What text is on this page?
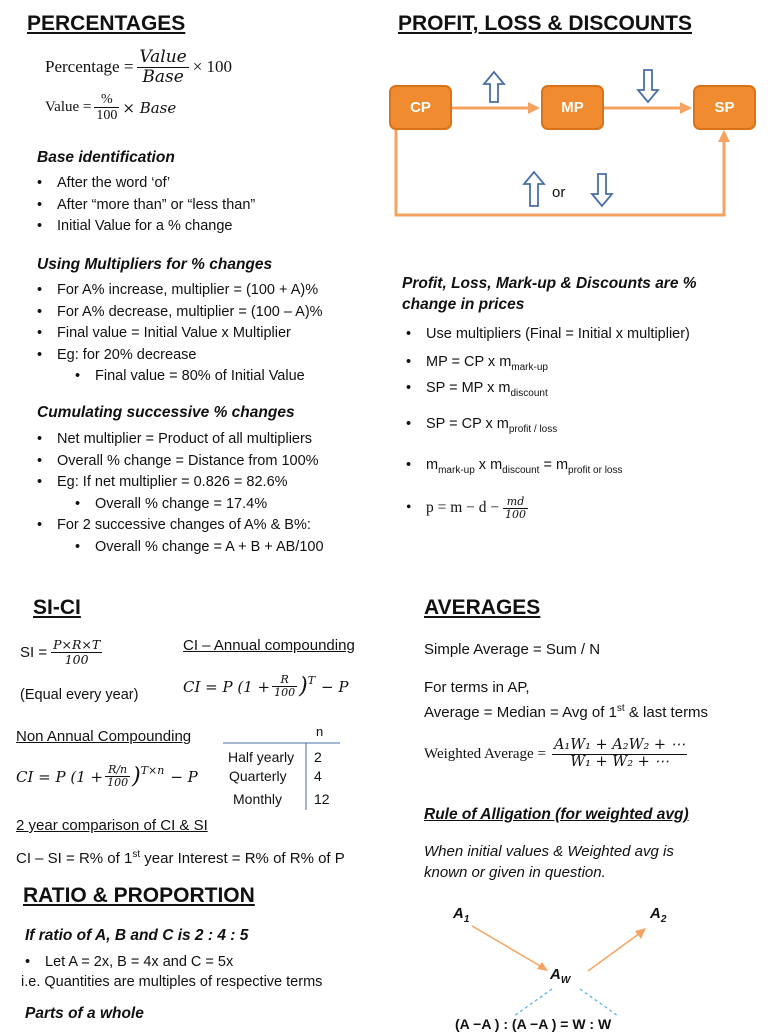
PERCENTAGES
Percentage = $\frac{\text{Value}}{\text{Base}} \times 100$
Value = $\frac{\%}{100}$ × Base
Base identification
• After the word ‘of’
• After “more than” or “less than”
• Initial Value for a % change
Using Multipliers for % changes
• For A% increase, multiplier = (100 + A)%
• For A% decrease, multiplier = (100 – A)%
• Final value = Initial Value x Multiplier
• Eg: for 20% decrease
• Final value = 80% of Initial Value
Cumulating successive % changes
• Net multiplier = Product of all multipliers
• Overall % change = Distance from 100%
• Eg: If net multiplier = 0.826 = 82.6%
• Overall % change = 17.4%
• For 2 successive changes of A% & B%:
• Overall % change = A + B + AB/100
PROFIT, LOSS & DISCOUNTS
CP	MP	SP
or
Profit, Loss, Mark-up & Discounts are %
change in prices
• Use multipliers (Final = Initial x multiplier)
• MP = CP x $m_{mark-up}$
• SP = MP x $m_{discount}$
• SP = CP x $m_{profit / loss}$
• $m_{mark-up}$ x $m_{discount} = m_{profit or loss}$
• $p = m - d - \frac{md}{100}$
SI-CI
SI = $\frac{P\times R\times T}{100}$
(Equal every year)
CI – Annual compounding
CI = P $(1 + \frac{R}{100} )^T - P$
Non Annual Compounding	n
Half yearly 2
Quarterly 4
Monthly 12
CI = P $(1 + \frac{R/n}{100} )^{T\times n} - P$
2 year comparison of CI & SI
CI – SI = R% of 1st year Interest = R% of R% of P
AVERAGES
Simple Average = Sum / N
For terms in AP,
Average = Median = Avg of 1st & last terms
Weighted Average = $\frac{\text{A₁W₁ + A₂W₂ + ⋯}}{\text{W₁ + W₂ + ⋯}}$
Rule of Alligation (for weighted avg)
When initial values & Weighted avg is
known or given in question.
$A_1$	$A_2$
$A_W$
(A −A ) : (A −A ) = W : W
RATIO & PROPORTION
If ratio of A, B and C is 2 : 4 : 5
• Let A = 2x, B = 4x and C = 5x
i.e. Quantities are multiples of respective terms
Parts of a whole
